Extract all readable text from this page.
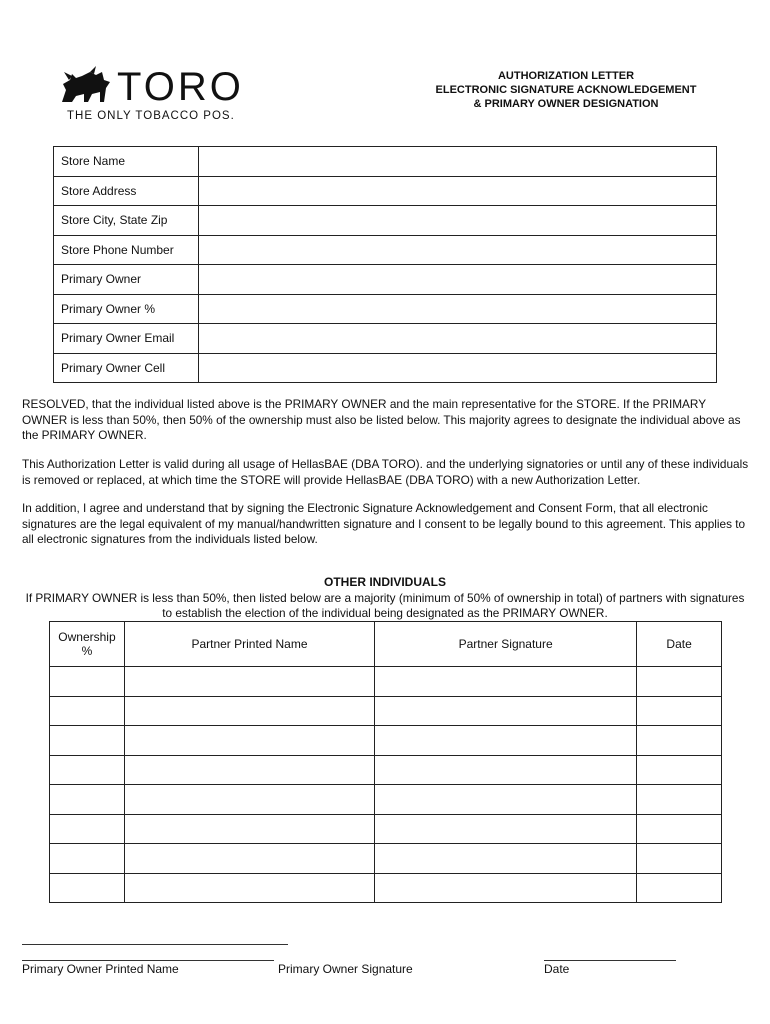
TORO
THE ONLY TOBACCO POS.
AUTHORIZATION LETTER
ELECTRONIC SIGNATURE ACKNOWLEDGEMENT
& PRIMARY OWNER DESIGNATION
Store Name	
Store Address	
Store City, State Zip	
Store Phone Number	
Primary Owner	
Primary Owner %	
Primary Owner Email	
Primary Owner Cell	

RESOLVED, that the individual listed above is the PRIMARY OWNER and the main representative for the STORE. If the PRIMARY OWNER is less than 50%, then 50% of the ownership must also be listed below. This majority agrees to designate the individual above as the PRIMARY OWNER.

This Authorization Letter is valid during all usage of HellasBAE (DBA TORO). and the underlying signatories or until any of these individuals is removed or replaced, at which time the STORE will provide HellasBAE (DBA TORO) with a new Authorization Letter.

In addition, I agree and understand that by signing the Electronic Signature Acknowledgement and Consent Form, that all electronic signatures are the legal equivalent of my manual/handwritten signature and I consent to be legally bound to this agreement. This applies to all electronic signatures from the individuals listed below.

OTHER INDIVIDUALS
If PRIMARY OWNER is less than 50%, then listed below are a majority (minimum of 50% of ownership in total) of partners with signatures to establish the election of the individual being designated as the PRIMARY OWNER.
Ownership
%	Partner Printed Name	Partner Signature	Date

Primary Owner Printed Name	Primary Owner Signature	Date
